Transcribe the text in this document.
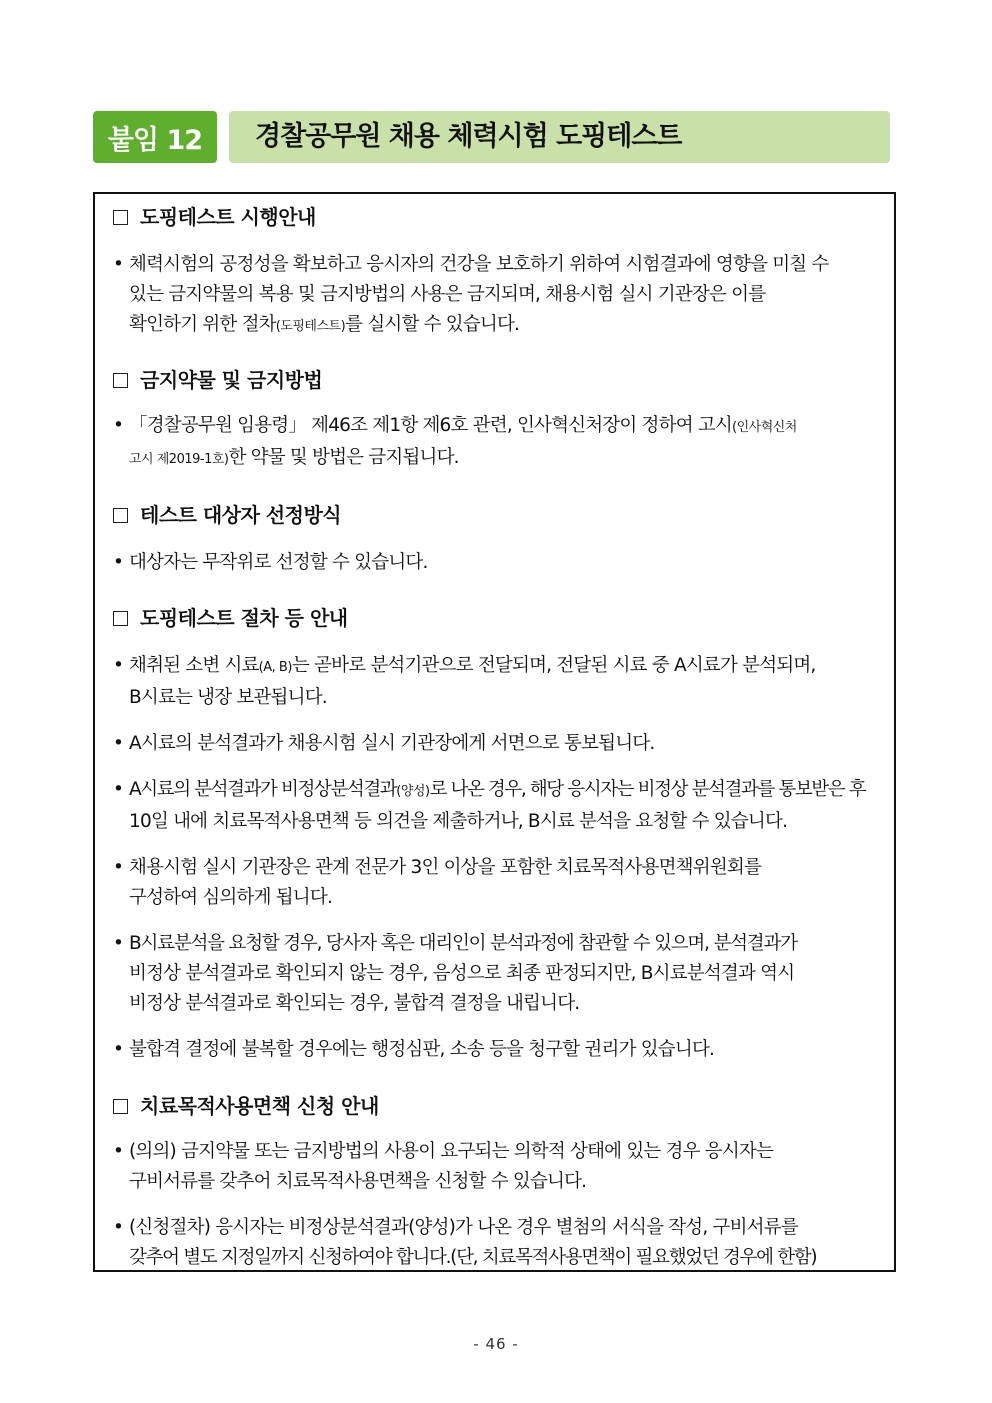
붙임 12	경찰공무원 채용 체력시험 도핑테스트
도핑테스트 시행안내
• 체력시험의 공정성을 확보하고 응시자의 건강을 보호하기 위하여 시험결과에 영향을 미칠 수
있는 금지약물의 복용 및 금지방법의 사용은 금지되며, 채용시험 실시 기관장은 이를
확인하기 위한 절차(도핑테스트)를 실시할 수 있습니다.
금지약물 및 금지방법
• 「경찰공무원 임용령」 제46조 제1항 제6호 관련, 인사혁신처장이 정하여 고시(인사혁신처
고시 제2019-1호)한 약물 및 방법은 금지됩니다.
테스트 대상자 선정방식
• 대상자는 무작위로 선정할 수 있습니다.
도핑테스트 절차 등 안내
• 채취된 소변 시료(A, B)는 곧바로 분석기관으로 전달되며, 전달된 시료 중 A시료가 분석되며,
B시료는 냉장 보관됩니다.
• A시료의 분석결과가 채용시험 실시 기관장에게 서면으로 통보됩니다.
• A시료의 분석결과가 비정상분석결과(양성)로 나온 경우, 해당 응시자는 비정상 분석결과를 통보받은 후
10일 내에 치료목적사용면책 등 의견을 제출하거나, B시료 분석을 요청할 수 있습니다.
• 채용시험 실시 기관장은 관계 전문가 3인 이상을 포함한 치료목적사용면책위원회를
구성하여 심의하게 됩니다.
• B시료분석을 요청할 경우, 당사자 혹은 대리인이 분석과정에 참관할 수 있으며, 분석결과가
비정상 분석결과로 확인되지 않는 경우, 음성으로 최종 판정되지만, B시료분석결과 역시
비정상 분석결과로 확인되는 경우, 불합격 결정을 내립니다.
• 불합격 결정에 불복할 경우에는 행정심판, 소송 등을 청구할 권리가 있습니다.
치료목적사용면책 신청 안내
• (의의) 금지약물 또는 금지방법의 사용이 요구되는 의학적 상태에 있는 경우 응시자는
구비서류를 갖추어 치료목적사용면책을 신청할 수 있습니다.
• (신청절차) 응시자는 비정상분석결과(양성)가 나온 경우 별첨의 서식을 작성, 구비서류를
갖추어 별도 지정일까지 신청하여야 합니다.(단, 치료목적사용면책이 필요했었던 경우에 한함)
- 46 -
